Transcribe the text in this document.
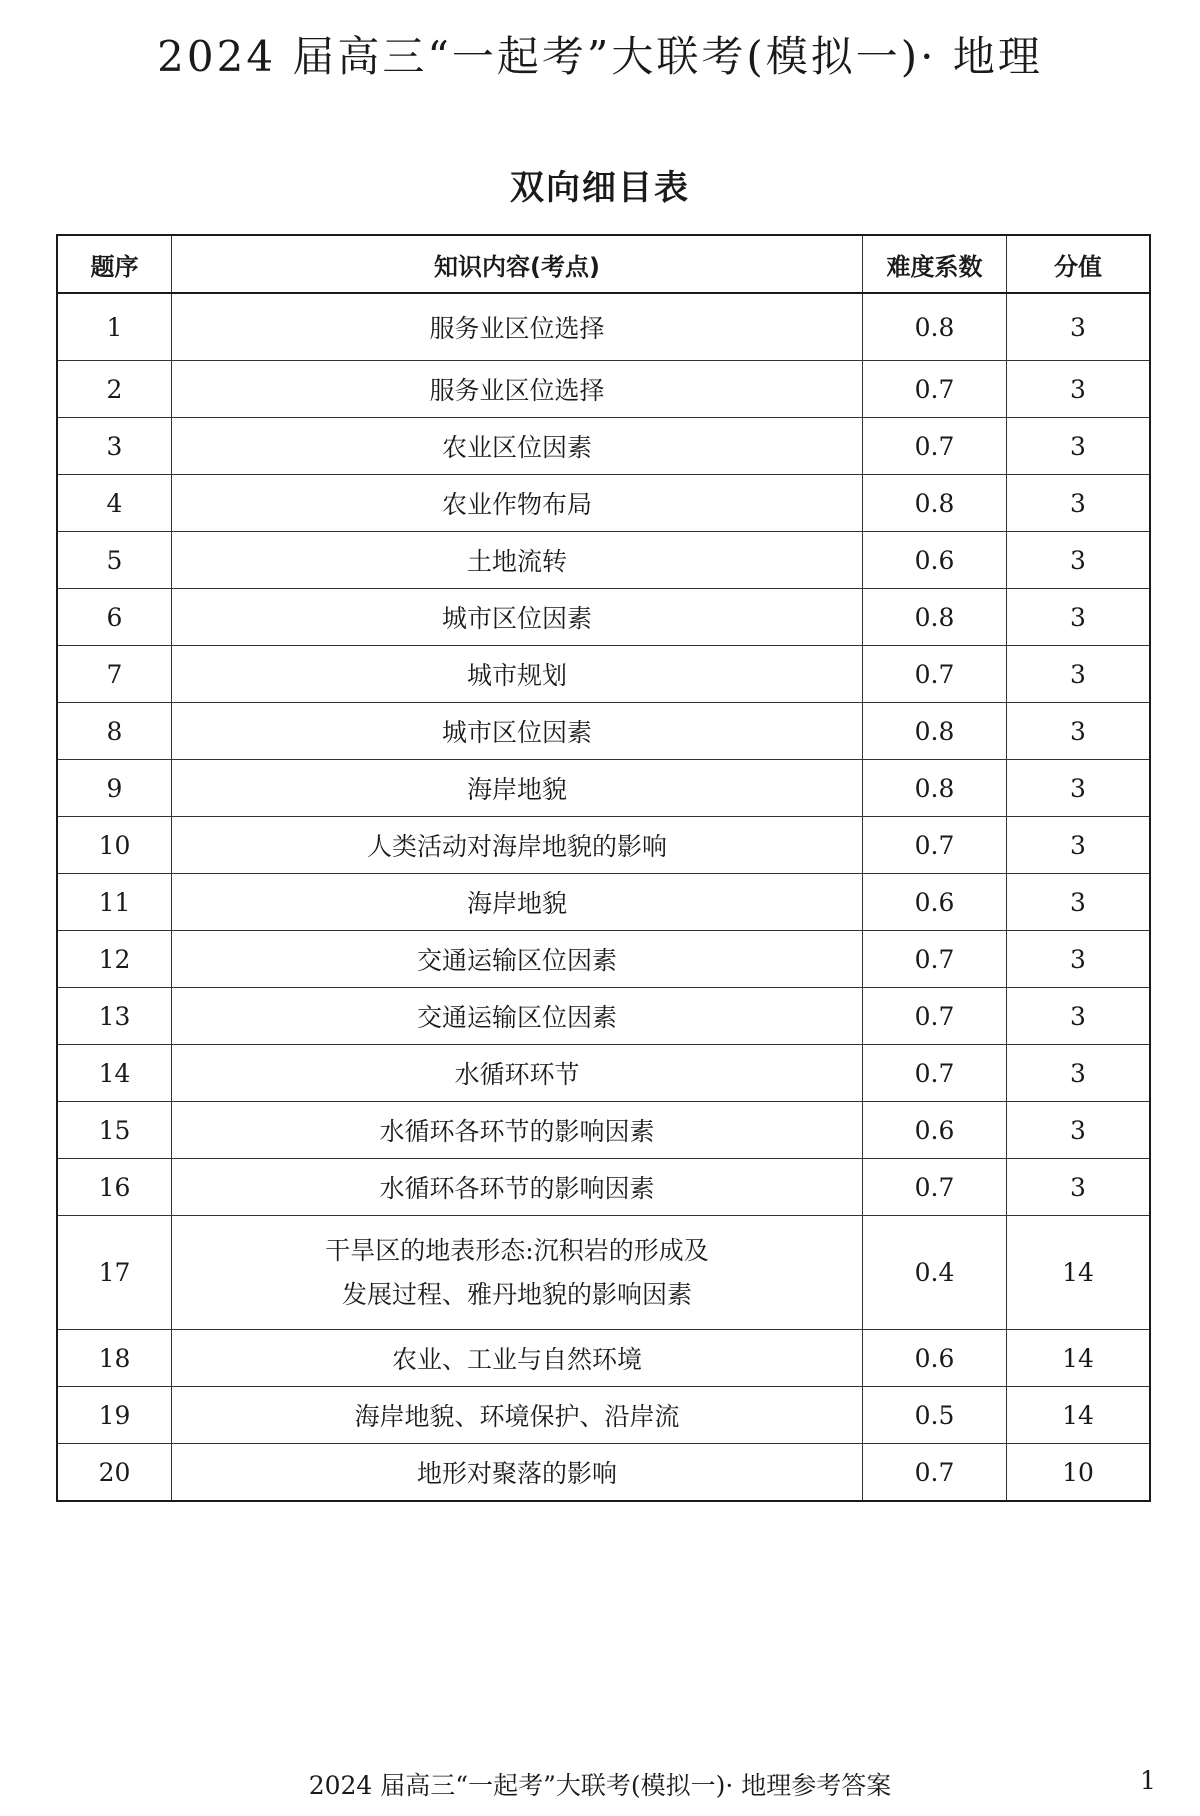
2024 届高三“一起考”大联考(模拟一)· 地理
双向细目表
题序	知识内容(考点)	难度系数	分值
1	服务业区位选择	0.8	3
2	服务业区位选择	0.7	3
3	农业区位因素	0.7	3
4	农业作物布局	0.8	3
5	土地流转	0.6	3
6	城市区位因素	0.8	3
7	城市规划	0.7	3
8	城市区位因素	0.8	3
9	海岸地貌	0.8	3
10	人类活动对海岸地貌的影响	0.7	3
11	海岸地貌	0.6	3
12	交通运输区位因素	0.7	3
13	交通运输区位因素	0.7	3
14	水循环环节	0.7	3
15	水循环各环节的影响因素	0.6	3
16	水循环各环节的影响因素	0.7	3
17	干旱区的地表形态:沉积岩的形成及
发展过程、雅丹地貌的影响因素	0.4	14
18	农业、工业与自然环境	0.6	14
19	海岸地貌、环境保护、沿岸流	0.5	14
20	地形对聚落的影响	0.7	10
2024 届高三“一起考”大联考(模拟一)· 地理参考答案	1
